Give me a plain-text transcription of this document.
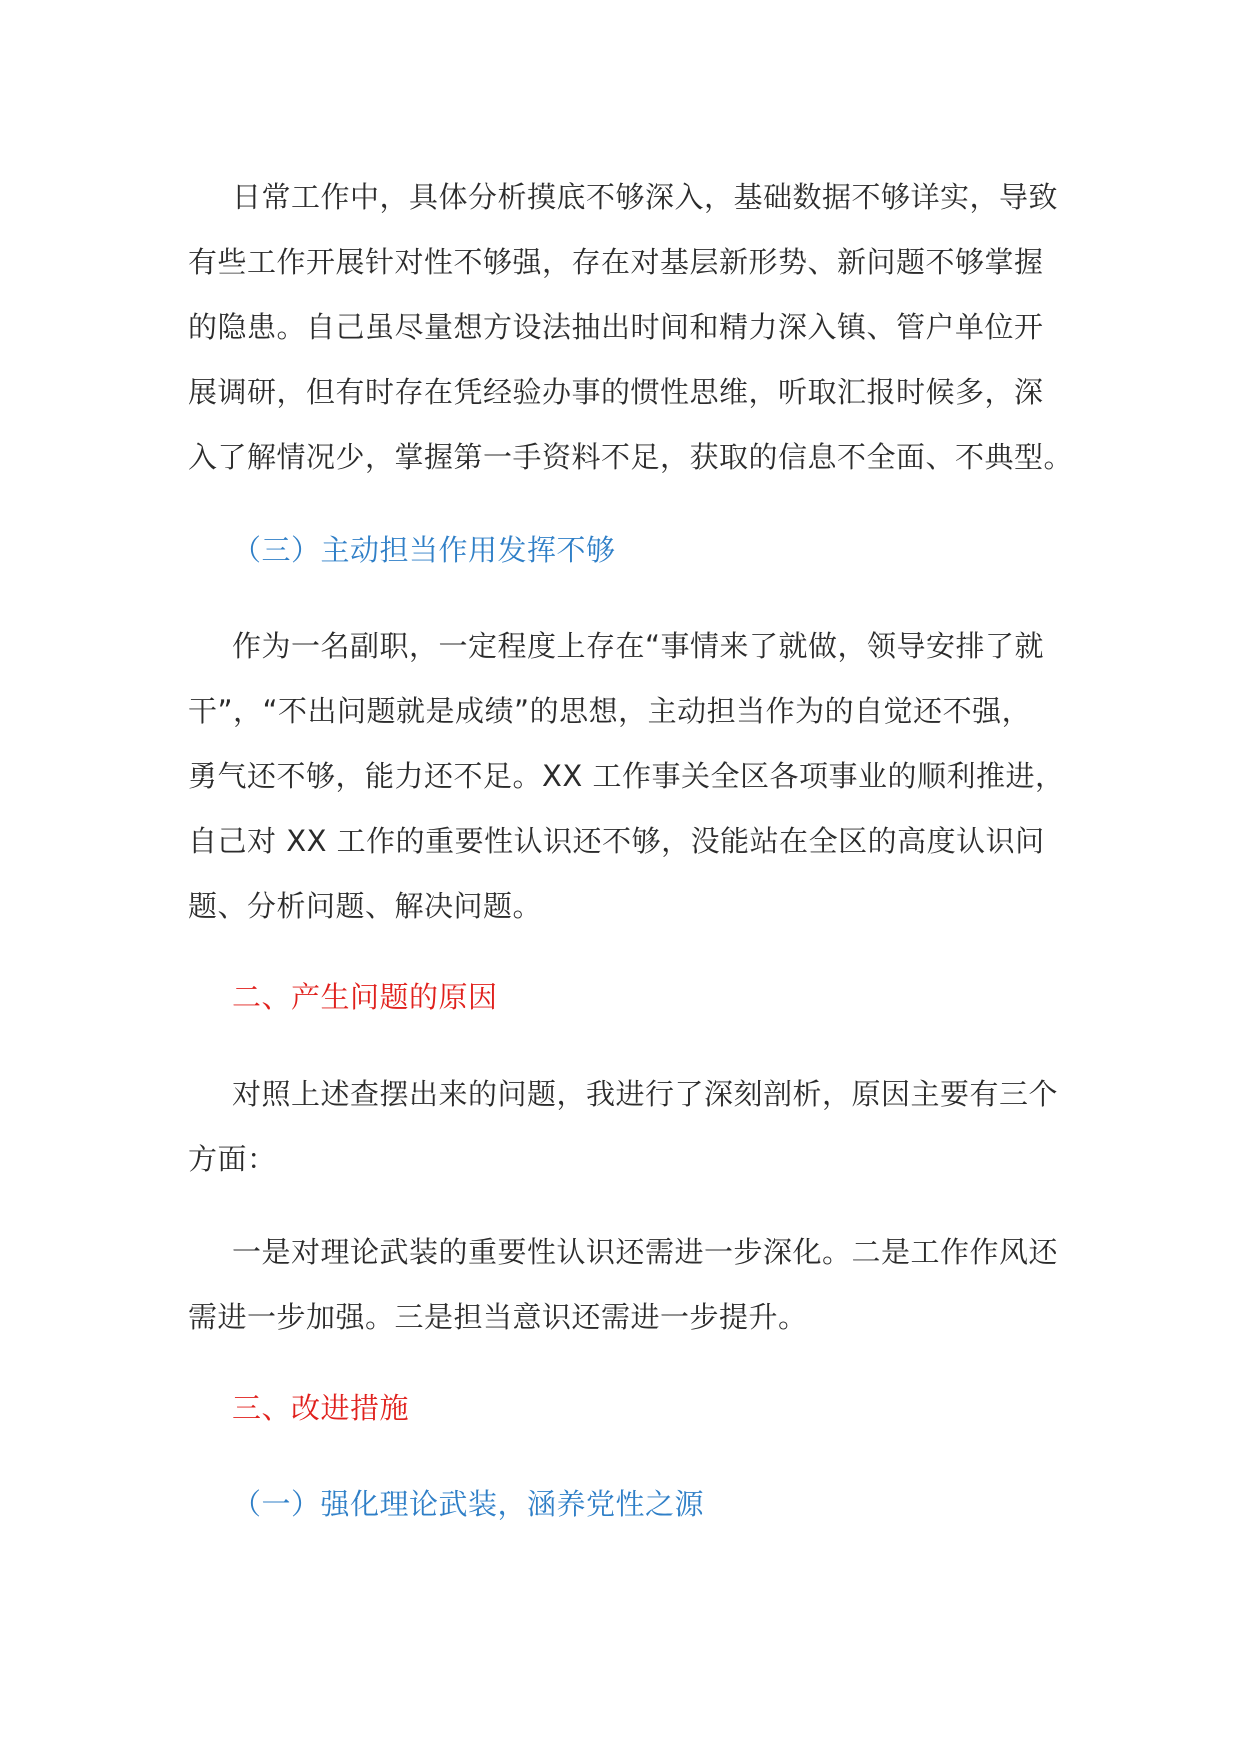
日常工作中，具体分析摸底不够深入，基础数据不够详实，导致
有些工作开展针对性不够强，存在对基层新形势、新问题不够掌握
的隐患。自己虽尽量想方设法抽出时间和精力深入镇、管户单位开
展调研，但有时存在凭经验办事的惯性思维，听取汇报时候多，深
入了解情况少，掌握第一手资料不足，获取的信息不全面、不典型。
（三）主动担当作用发挥不够
作为一名副职，一定程度上存在“事情来了就做，领导安排了就
干”，“不出问题就是成绩”的思想，主动担当作为的自觉还不强，
勇气还不够，能力还不足。XX 工作事关全区各项事业的顺利推进，
自己对 XX 工作的重要性认识还不够，没能站在全区的高度认识问
题、分析问题、解决问题。
二、产生问题的原因
对照上述查摆出来的问题，我进行了深刻剖析，原因主要有三个
方面：
一是对理论武装的重要性认识还需进一步深化。二是工作作风还
需进一步加强。三是担当意识还需进一步提升。
三、改进措施
（一）强化理论武装，涵养党性之源
